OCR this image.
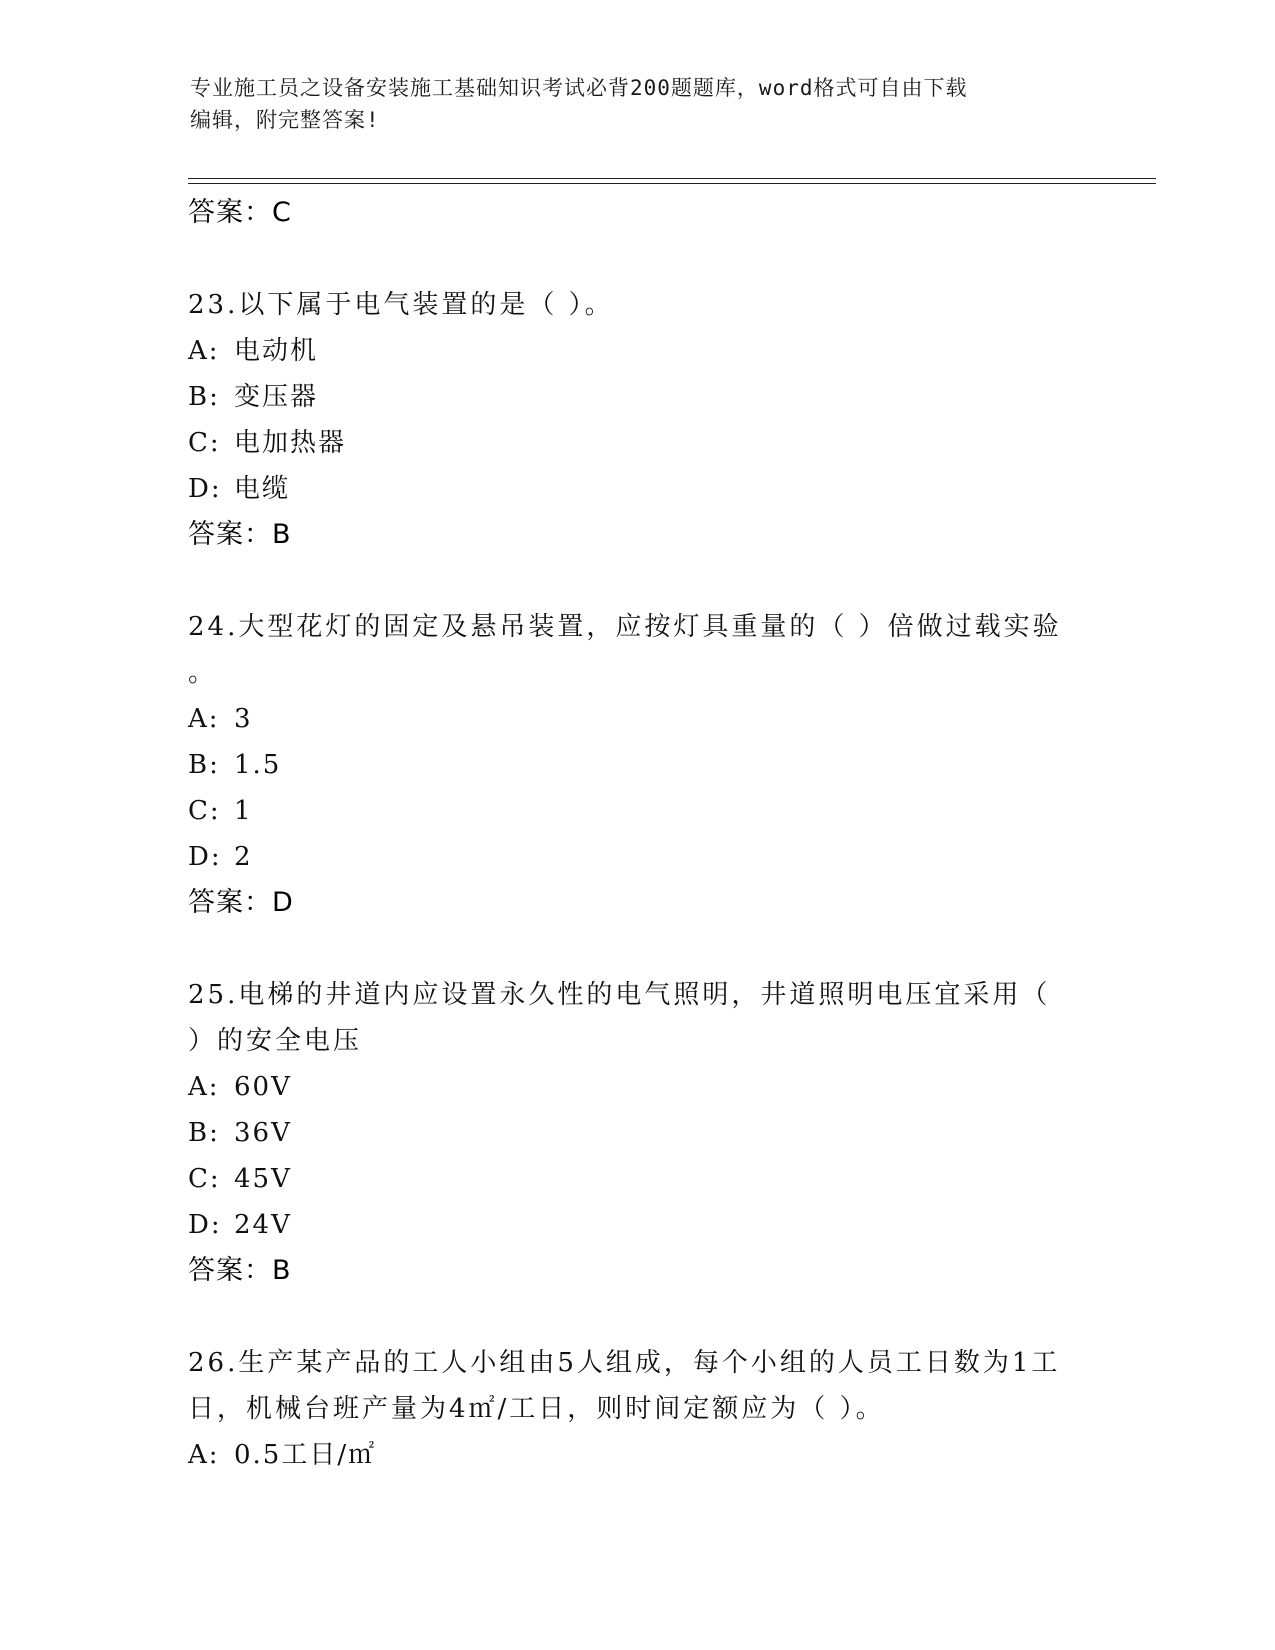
专业施工员之设备安装施工基础知识考试必背200题题库，word格式可自由下载
编辑，附完整答案!
答案：C
23.以下属于电气装置的是（ ）。
A: 电动机
B: 变压器
C: 电加热器
D: 电缆
答案：B
24.大型花灯的固定及悬吊装置，应按灯具重量的（ ）倍做过载实验
。
A: 3
B: 1.5
C: 1
D: 2
答案：D
25.电梯的井道内应设置永久性的电气照明，井道照明电压宜采用（
）的安全电压
A: 60V
B: 36V
C: 45V
D: 24V
答案：B
26.生产某产品的工人小组由5人组成，每个小组的人员工日数为1工
日，机械台班产量为4㎡/工日，则时间定额应为（ ）。
A: 0.5工日/㎡
